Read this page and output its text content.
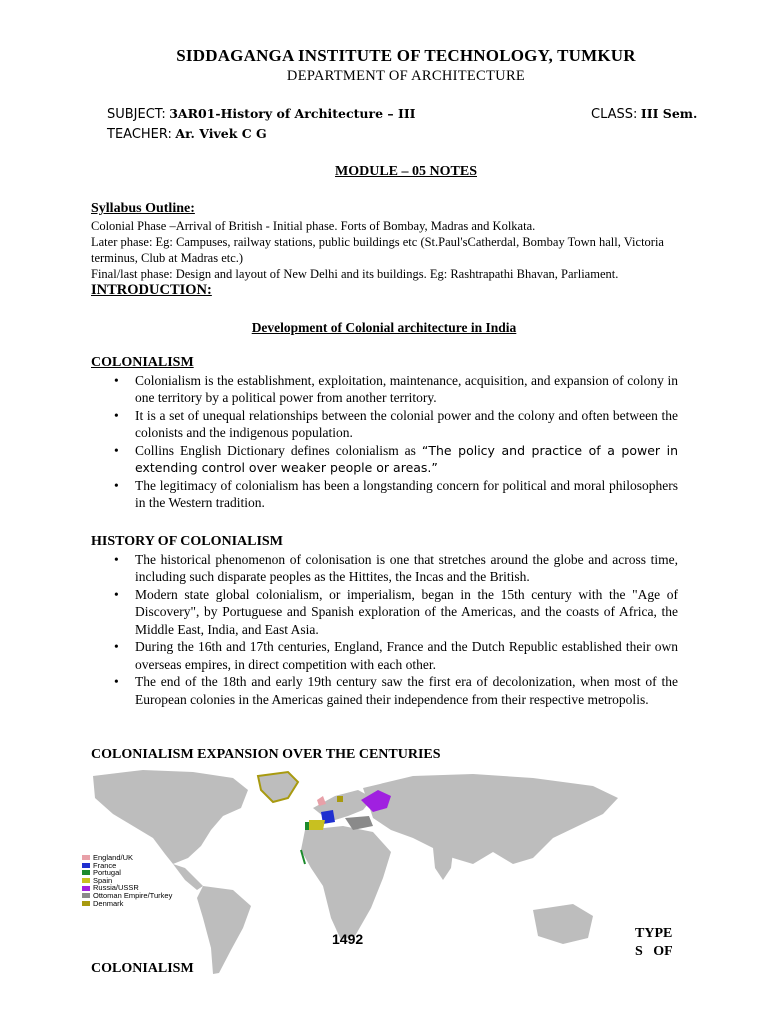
SIDDAGANGA INSTITUTE OF TECHNOLOGY, TUMKUR
DEPARTMENT OF ARCHITECTURE
SUBJECT: 3AR01-History of Architecture – III	CLASS: III Sem.
TEACHER: Ar. Vivek C G
MODULE – 05 NOTES
Syllabus Outline:
Colonial Phase –Arrival of British - Initial phase. Forts of Bombay, Madras and Kolkata.
Later phase: Eg: Campuses, railway stations, public buildings etc (St.Paul'sCatherdal, Bombay Town hall, Victoria terminus, Club at Madras etc.)
Final/last phase: Design and layout of New Delhi and its buildings. Eg: Rashtrapathi Bhavan, Parliament.
INTRODUCTION:
Development of Colonial architecture in India
COLONIALISM
• Colonialism is the establishment, exploitation, maintenance, acquisition, and expansion of colony in one territory by a political power from another territory.
• It is a set of unequal relationships between the colonial power and the colony and often between the colonists and the indigenous population.
• Collins English Dictionary defines colonialism as “The policy and practice of a power in extending control over weaker people or areas.”
• The legitimacy of colonialism has been a longstanding concern for political and moral philosophers in the Western tradition.
HISTORY OF COLONIALISM
• The historical phenomenon of colonisation is one that stretches around the globe and across time, including such disparate peoples as the Hittites, the Incas and the British.
• Modern state global colonialism, or imperialism, began in the 15th century with the "Age of Discovery", by Portuguese and Spanish exploration of the Americas, and the coasts of Africa, the Middle East, India, and East Asia.
• During the 16th and 17th centuries, England, France and the Dutch Republic established their own overseas empires, in direct competition with each other.
• The end of the 18th and early 19th century saw the first era of decolonization, when most of the European colonies in the Americas gained their independence from their respective metropolis.
COLONIALISM EXPANSION OVER THE CENTURIES
England/UK
France
Portugal
Spain
Russia/USSR
Ottoman Empire/Turkey
Denmark
1492	TYPE
S   OF
COLONIALISM
